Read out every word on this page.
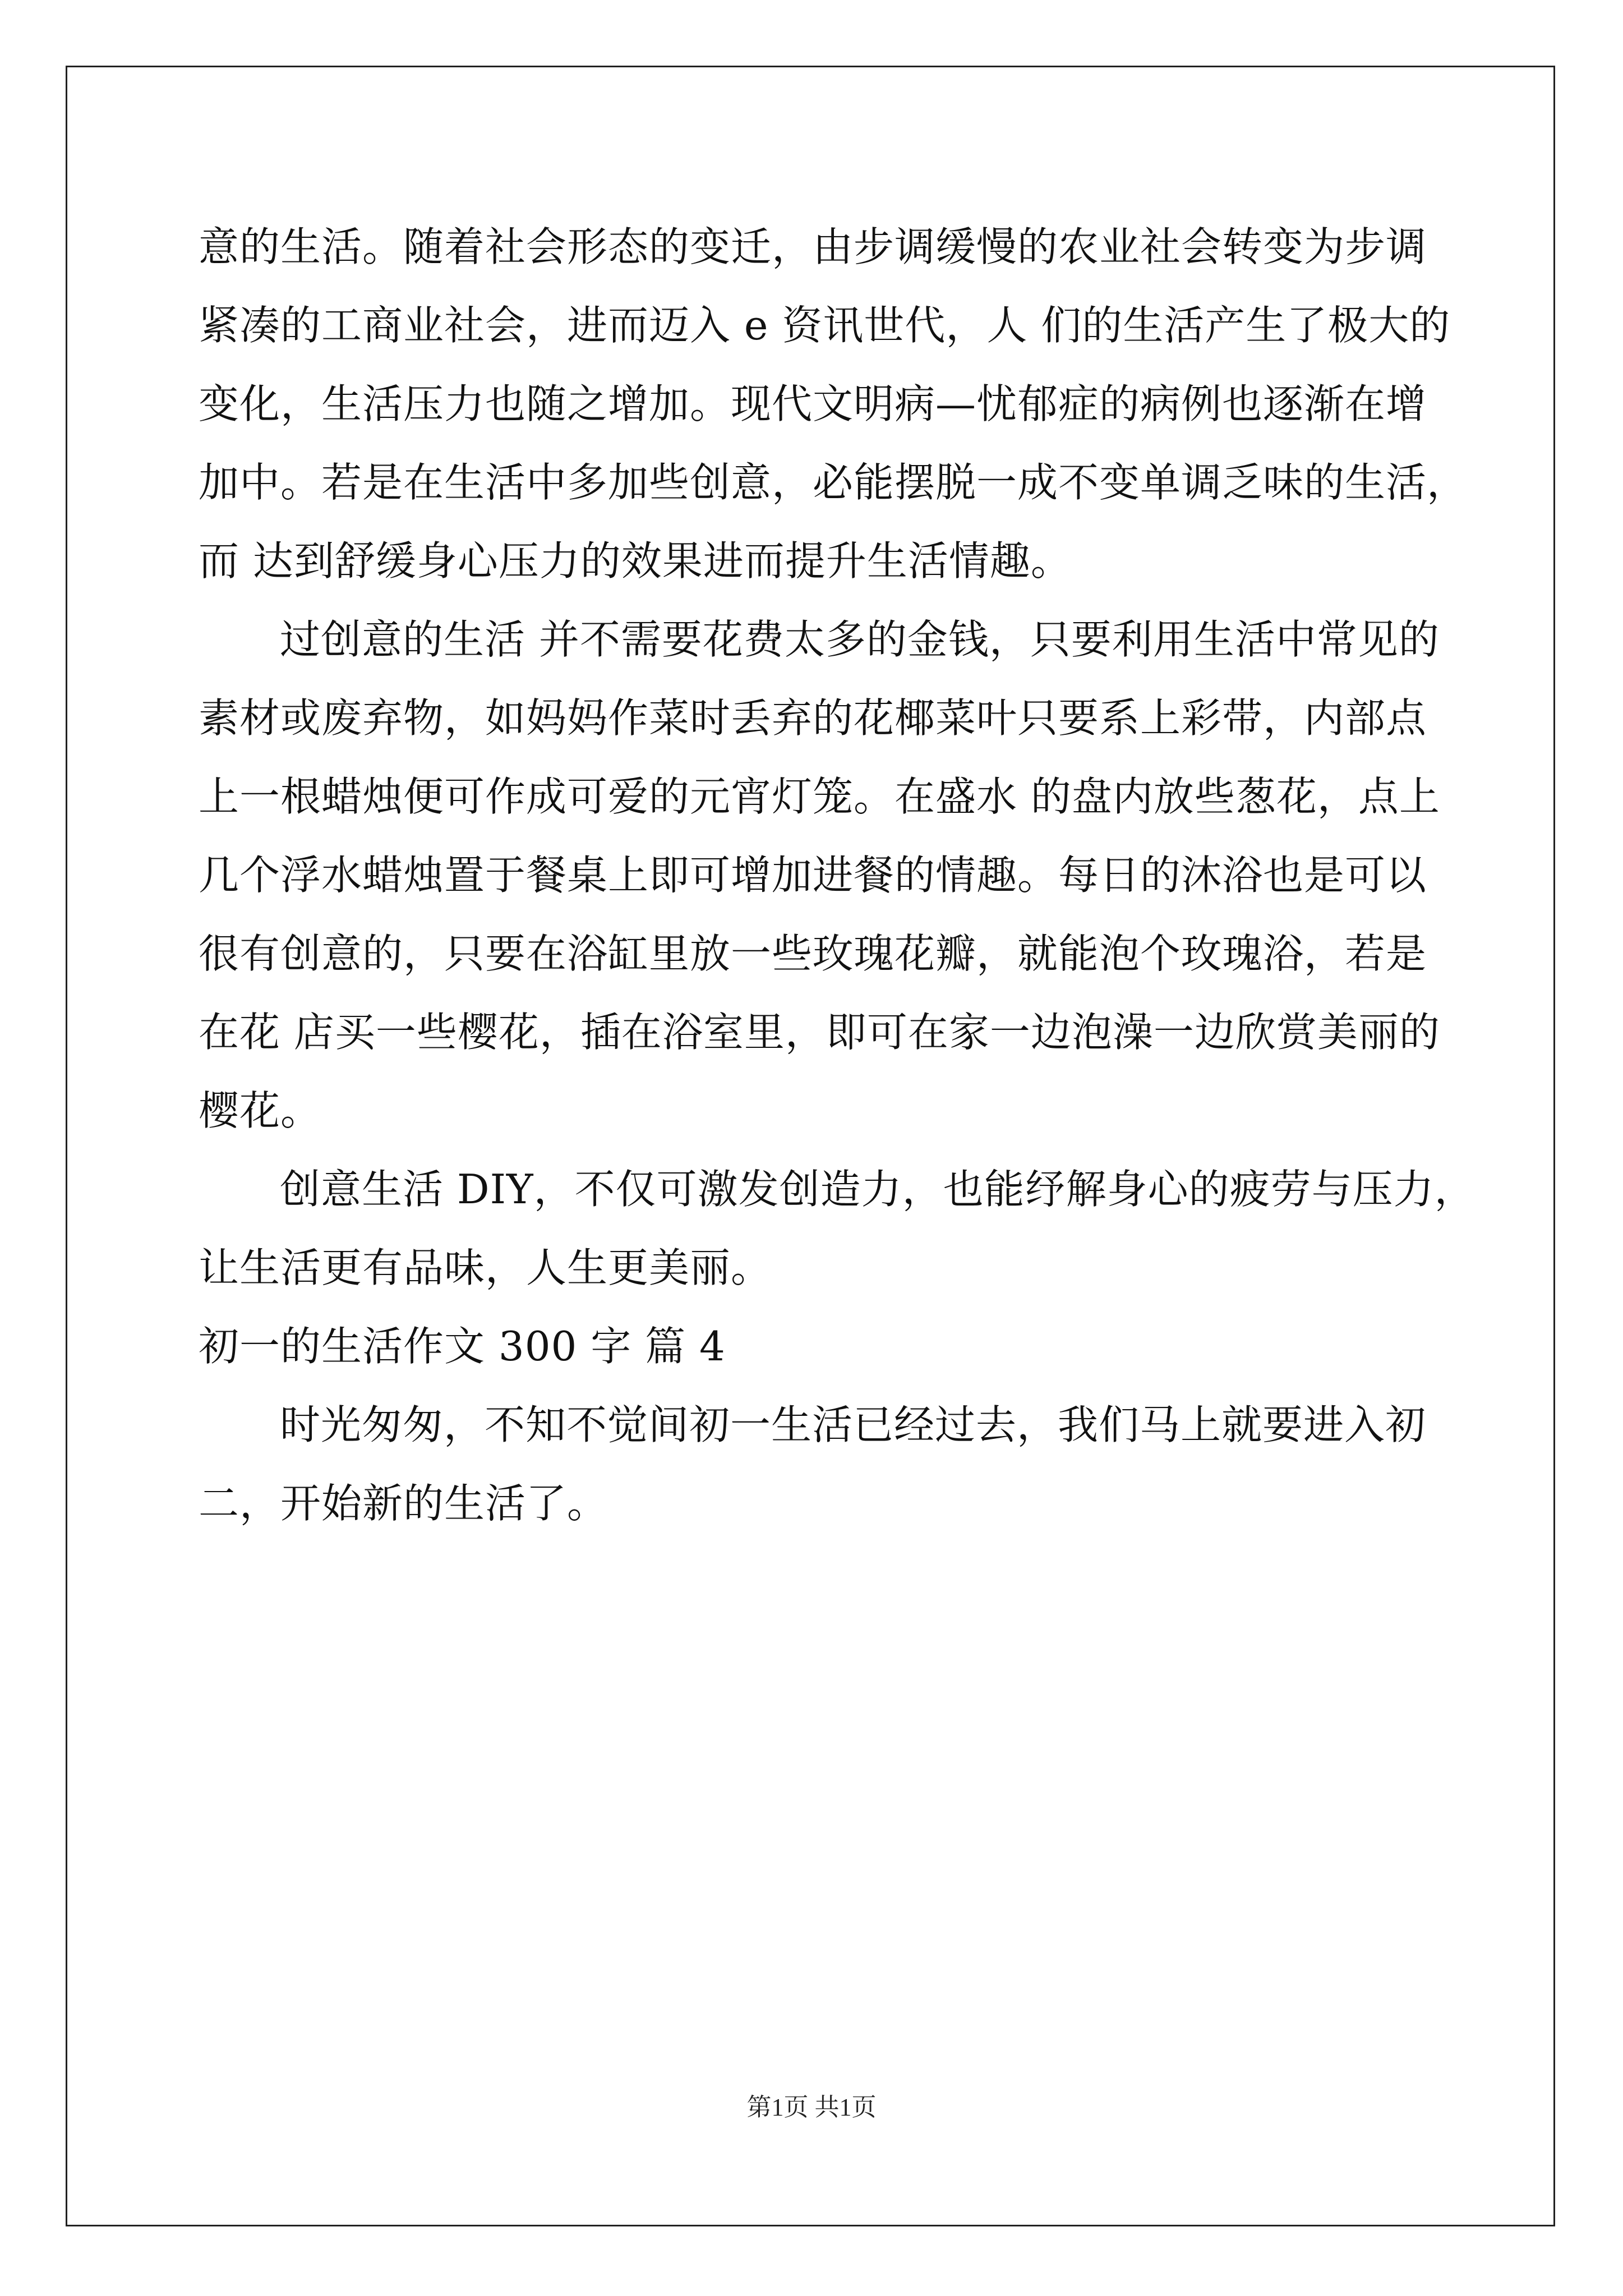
意的生活。随着社会形态的变迁，由步调缓慢的农业社会转变为步调
紧凑的工商业社会，进而迈入 e 资讯世代，人 们的生活产生了极大的
变化，生活压力也随之增加。现代文明病—忧郁症的病例也逐渐在增
加中。若是在生活中多加些创意，必能摆脱一成不变单调乏味的生活，
而 达到舒缓身心压力的效果进而提升生活情趣。
过创意的生活 并不需要花费太多的金钱，只要利用生活中常见的
素材或废弃物，如妈妈作菜时丢弃的花椰菜叶只要系上彩带，内部点
上一根蜡烛便可作成可爱的元宵灯笼。在盛水 的盘内放些葱花，点上
几个浮水蜡烛置于餐桌上即可增加进餐的情趣。每日的沐浴也是可以
很有创意的，只要在浴缸里放一些玫瑰花瓣，就能泡个玫瑰浴，若是
在花 店买一些樱花，插在浴室里，即可在家一边泡澡一边欣赏美丽的
樱花。
创意生活 DIY，不仅可激发创造力，也能纾解身心的疲劳与压力，
让生活更有品味，人生更美丽。
初一的生活作文 300 字 篇 4
时光匆匆，不知不觉间初一生活已经过去，我们马上就要进入初
二，开始新的生活了。
第1页 共1页
